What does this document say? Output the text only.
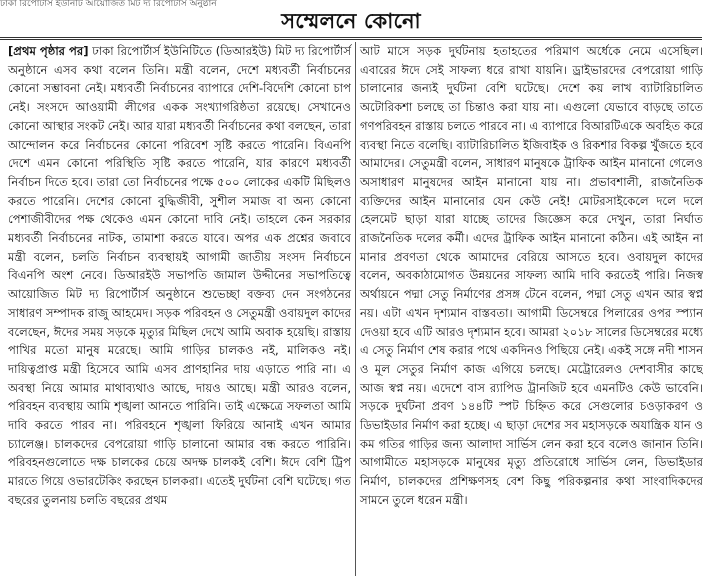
ঢাকা রিপোর্টার্স ইউনিটি আয়োজিত মিট দ্য রিপোর্টার্স অনুষ্ঠান
সম্মেলনে কোনো

[প্রথম পৃষ্ঠার পর] ঢাকা রিপোর্টার্স ইউনিটিতে (ডিআরইউ) মিট দ্য রিপোর্টার্স অনুষ্ঠানে এসব কথা বলেন তিনি। মন্ত্রী বলেন, দেশে মধ্যবর্তী নির্বাচনের কোনো সম্ভাবনা নেই। মধ্যবর্তী নির্বাচনের ব্যাপারে দেশি-বিদেশি কোনো চাপ নেই। সংসদে আওয়ামী লীগের একক সংখ্যাগরিষ্ঠতা রয়েছে। সেখানেও কোনো আস্থার সংকট নেই। আর যারা মধ্যবর্তী নির্বাচনের কথা বলছেন, তারা আন্দোলন করে নির্বাচনের কোনো পরিবেশ সৃষ্টি করতে পারেনি। বিএনপি দেশে এমন কোনো পরিস্থিতি সৃষ্টি করতে পারেনি, যার কারণে মধ্যবর্তী নির্বাচন দিতে হবে। তারা তো নির্বাচনের পক্ষে ৫০০ লোকের একটি মিছিলও করতে পারেনি। দেশের কোনো বুদ্ধিজীবী, সুশীল সমাজ বা অন্য কোনো পেশাজীবীদের পক্ষ থেকেও এমন কোনো দাবি নেই। তাহলে কেন সরকার মধ্যবর্তী নির্বাচনের নাটক, তামাশা করতে যাবে। অপর এক প্রশ্নের জবাবে মন্ত্রী বলেন, চলতি নির্বাচন ব্যবস্থায়ই আগামী জাতীয় সংসদ নির্বাচনে বিএনপি অংশ নেবে। ডিআরইউ সভাপতি জামাল উদ্দীনের সভাপতিত্বে আয়োজিত মিট দ্য রিপোর্টার্স অনুষ্ঠানে শুভেচ্ছা বক্তব্য দেন সংগঠনের সাধারণ সম্পাদক রাজু আহমেদ। সড়ক পরিবহন ও সেতুমন্ত্রী ওবায়দুল কাদের বলেছেন, ঈদের সময় সড়কে মৃত্যুর মিছিল দেখে আমি অবাক হয়েছি। রাস্তায় পাখির মতো মানুষ মরেছে। আমি গাড়ির চালকও নই, মালিকও নই। দায়িত্বপ্রাপ্ত মন্ত্রী হিসেবে আমি এসব প্রাণহানির দায় এড়াতে পারি না। এ অবস্থা নিয়ে আমার মাথাব্যথাও আছে, দায়ও আছে। মন্ত্রী আরও বলেন, পরিবহন ব্যবস্থায় আমি শৃঙ্খলা আনতে পারিনি। তাই এক্ষেত্রে সফলতা আমি দাবি করতে পারব না। পরিবহনে শৃঙ্খলা ফিরিয়ে আনাই এখন আমার চ্যালেঞ্জ। চালকদের বেপরোয়া গাড়ি চালানো আমার বন্ধ করতে পারিনি। পরিবহনগুলোতে দক্ষ চালকের চেয়ে অদক্ষ চালকই বেশি। ঈদে বেশি ট্রিপ মারতে গিয়ে ওভারটেকিং করছেন চালকরা। এতেই দুর্ঘটনা বেশি ঘটেছে। গত বছরের তুলনায় চলতি বছরের প্রথম

আট মাসে সড়ক দুর্ঘটনায় হতাহতের পরিমাণ অর্ধেকে নেমে এসেছিল। এবারের ঈদে সেই সাফল্য ধরে রাখা যায়নি। ড্রাইভারদের বেপরোয়া গাড়ি চালানোর জন্যই দুর্ঘটনা বেশি ঘটেছে। দেশে কয় লাখ ব্যাটারিচালিত অটোরিকশা চলছে তা চিন্তাও করা যায় না। এগুলো যেভাবে বাড়ছে তাতে গণপরিবহন রাস্তায় চলতে পারবে না। এ ব্যাপারে বিআরটিএকে অবহিত করে ব্যবস্থা নিতে বলেছি। ব্যাটারিচালিত ইজিবাইক ও রিকশার বিকল্প খুঁজতে হবে আমাদের। সেতুমন্ত্রী বলেন, সাধারণ মানুষকে ট্রাফিক আইন মানানো গেলেও অসাধারণ মানুষদের আইন মানানো যায় না। প্রভাবশালী, রাজনৈতিক ব্যক্তিদের আইন মানানোর যেন কেউ নেই! মোটরসাইকেলে দলে দলে হেলমেট ছাড়া যারা যাচ্ছে তাদের জিজ্ঞেস করে দেখুন, তারা নির্ঘাত রাজনৈতিক দলের কর্মী। এদের ট্রাফিক আইন মানানো কঠিন। এই আইন না মানার প্রবণতা থেকে আমাদের বেরিয়ে আসতে হবে। ওবায়দুল কাদের বলেন, অবকাঠামোগত উন্নয়নের সাফল্য আমি দাবি করতেই পারি। নিজস্ব অর্থায়নে পদ্মা সেতু নির্মাণের প্রসঙ্গ টেনে বলেন, পদ্মা সেতু এখন আর স্বপ্ন নয়। এটা এখন দৃশ্যমান বাস্তবতা। আগামী ডিসেম্বরে পিলারের ওপর স্প্যান দেওয়া হবে এটি আরও দৃশ্যমান হবে। আমরা ২০১৮ সালের ডিসেম্বরের মধ্যে এ সেতু নির্মাণ শেষ করার পথে একদিনও পিছিয়ে নেই। একই সঙ্গে নদী শাসন ও মূল সেতুর নির্মাণ কাজ এগিয়ে চলছে। মেট্রোরেলও দেশবাসীর কাছে আজ স্বপ্ন নয়। এদেশে বাস র‍্যাপিড ট্রানজিট হবে এমনটিও কেউ ভাবেনি। সড়কে দুর্ঘটনা প্রবণ ১৪৪টি স্পট চিহ্নিত করে সেগুলোর চওড়াকরণ ও ডিভাইডার নির্মাণ করা হচ্ছে। এ ছাড়া দেশের সব মহাসড়কে অযান্ত্রিক যান ও কম গতির গাড়ির জন্য আলাদা সার্ভিস লেন করা হবে বলেও জানান তিনি। আগামীতে মহাসড়কে মানুষের মৃত্যু প্রতিরোধে সার্ভিস লেন, ডিভাইডার নির্মাণ, চালকদের প্রশিক্ষণসহ বেশ কিছু পরিকল্পনার কথা সাংবাদিকদের সামনে তুলে ধরেন মন্ত্রী।
